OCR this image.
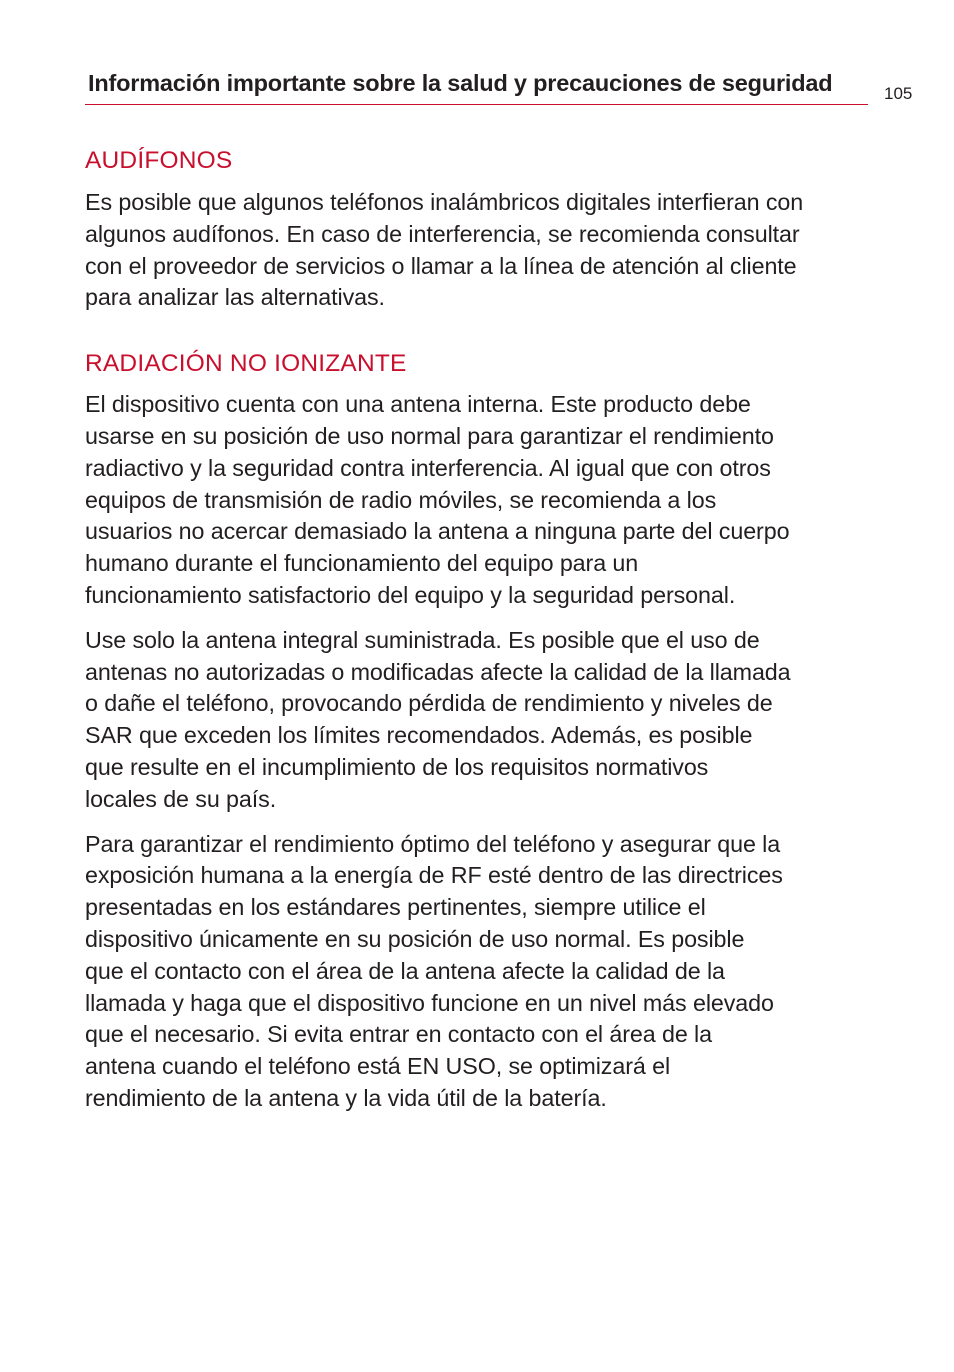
Información importante sobre la salud y precauciones de seguridad	105
AUDÍFONOS

Es posible que algunos teléfonos inalámbricos digitales interfieran con
algunos audífonos. En caso de interferencia, se recomienda consultar
con el proveedor de servicios o llamar a la línea de atención al cliente
para analizar las alternativas.

RADIACIÓN NO IONIZANTE

El dispositivo cuenta con una antena interna. Este producto debe
usarse en su posición de uso normal para garantizar el rendimiento
radiactivo y la seguridad contra interferencia. Al igual que con otros
equipos de transmisión de radio móviles, se recomienda a los
usuarios no acercar demasiado la antena a ninguna parte del cuerpo
humano durante el funcionamiento del equipo para un
funcionamiento satisfactorio del equipo y la seguridad personal.

Use solo la antena integral suministrada. Es posible que el uso de
antenas no autorizadas o modificadas afecte la calidad de la llamada
o dañe el teléfono, provocando pérdida de rendimiento y niveles de
SAR que exceden los límites recomendados. Además, es posible
que resulte en el incumplimiento de los requisitos normativos
locales de su país.

Para garantizar el rendimiento óptimo del teléfono y asegurar que la
exposición humana a la energía de RF esté dentro de las directrices
presentadas en los estándares pertinentes, siempre utilice el
dispositivo únicamente en su posición de uso normal. Es posible
que el contacto con el área de la antena afecte la calidad de la
llamada y haga que el dispositivo funcione en un nivel más elevado
que el necesario. Si evita entrar en contacto con el área de la
antena cuando el teléfono está EN USO, se optimizará el
rendimiento de la antena y la vida útil de la batería.
